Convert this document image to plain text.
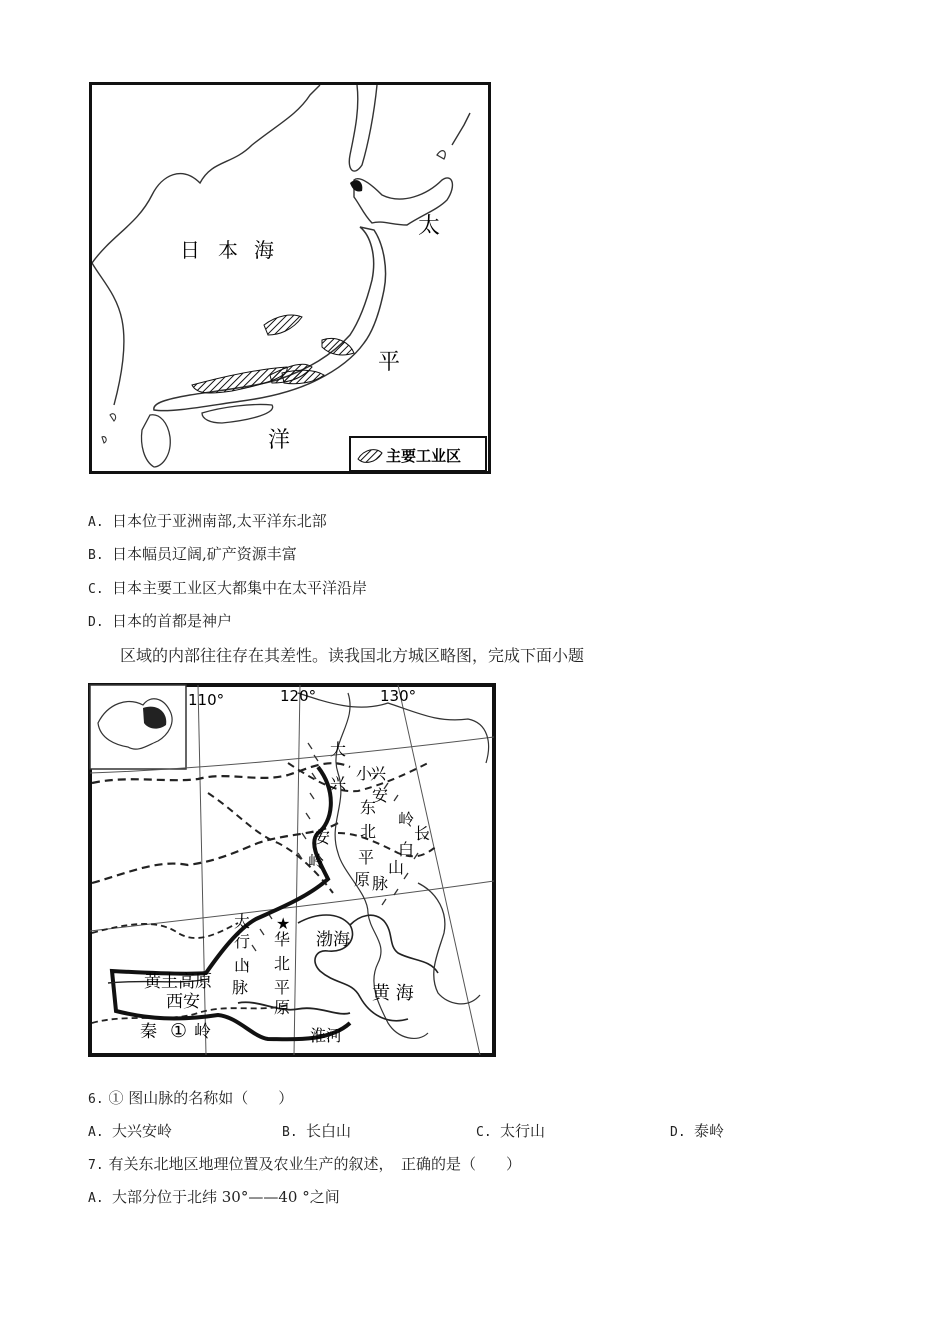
日 本 海
太
平
洋
主要工业区
A. 日本位于亚洲南部,太平洋东北部
B. 日本幅员辽阔,矿产资源丰富
C. 日本主要工业区大都集中在太平洋沿岸
D. 日本的首都是神户
区域的内部往往存在其差性。读我国北方城区略图，完成下面小题
★
110°	120°	130°
50°N
40°N
大
兴
安
岭
小
兴
安
岭
东
北
平
原
长
白
山
脉
太
行
山
脉
华
北
平
原
渤海
黄 海
黄土高原
西安
秦 ① 岭	淮河
6. ① 图山脉的名称如（　　）
A. 大兴安岭	B. 长白山	C. 太行山	D. 泰岭
7. 有关东北地区地理位置及农业生产的叙述，　正确的是（　　）
A. 大部分位于北纬 30°——40 °之间
